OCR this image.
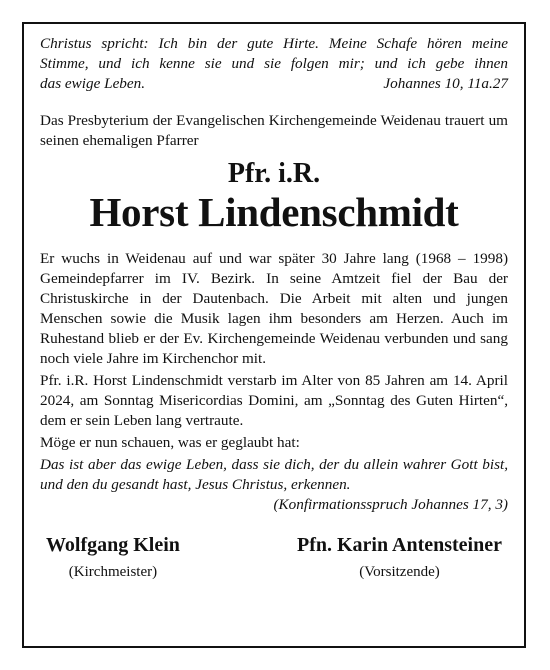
Christus spricht: Ich bin der gute Hirte. Meine Schafe hören meine
Stimme, und ich kenne sie und sie folgen mir; und ich gebe ihnen
das ewige Leben.	Johannes 10, 11a.27
Das Presbyterium der Evangelischen Kirchengemeinde Weidenau trauert um seinen ehemaligen Pfarrer
Pfr. i.R.
Horst Lindenschmidt

Er wuchs in Weidenau auf und war später 30 Jahre lang (1968 – 1998) Gemeindepfarrer im IV. Bezirk. In seine Amtzeit fiel der Bau der Christuskirche in der Dautenbach. Die Arbeit mit alten und jungen Menschen sowie die Musik lagen ihm besonders am Herzen. Auch im Ruhestand blieb er der Ev. Kirchengemeinde Weidenau verbunden und sang noch viele Jahre im Kirchenchor mit.

Pfr. i.R. Horst Lindenschmidt verstarb im Alter von 85 Jahren am 14. April 2024, am Sonntag Misericordias Domini, am „Sonntag des Guten Hirten“, dem er sein Leben lang vertraute.

Möge er nun schauen, was er geglaubt hat:

Das ist aber das ewige Leben, dass sie dich, der du allein wahrer Gott bist, und den du gesandt hast, Jesus Christus, erkennen.
(Konfirmationsspruch Johannes 17, 3)
Wolfgang Klein
(Kirchmeister)
Pfn. Karin Antensteiner
(Vorsitzende)
